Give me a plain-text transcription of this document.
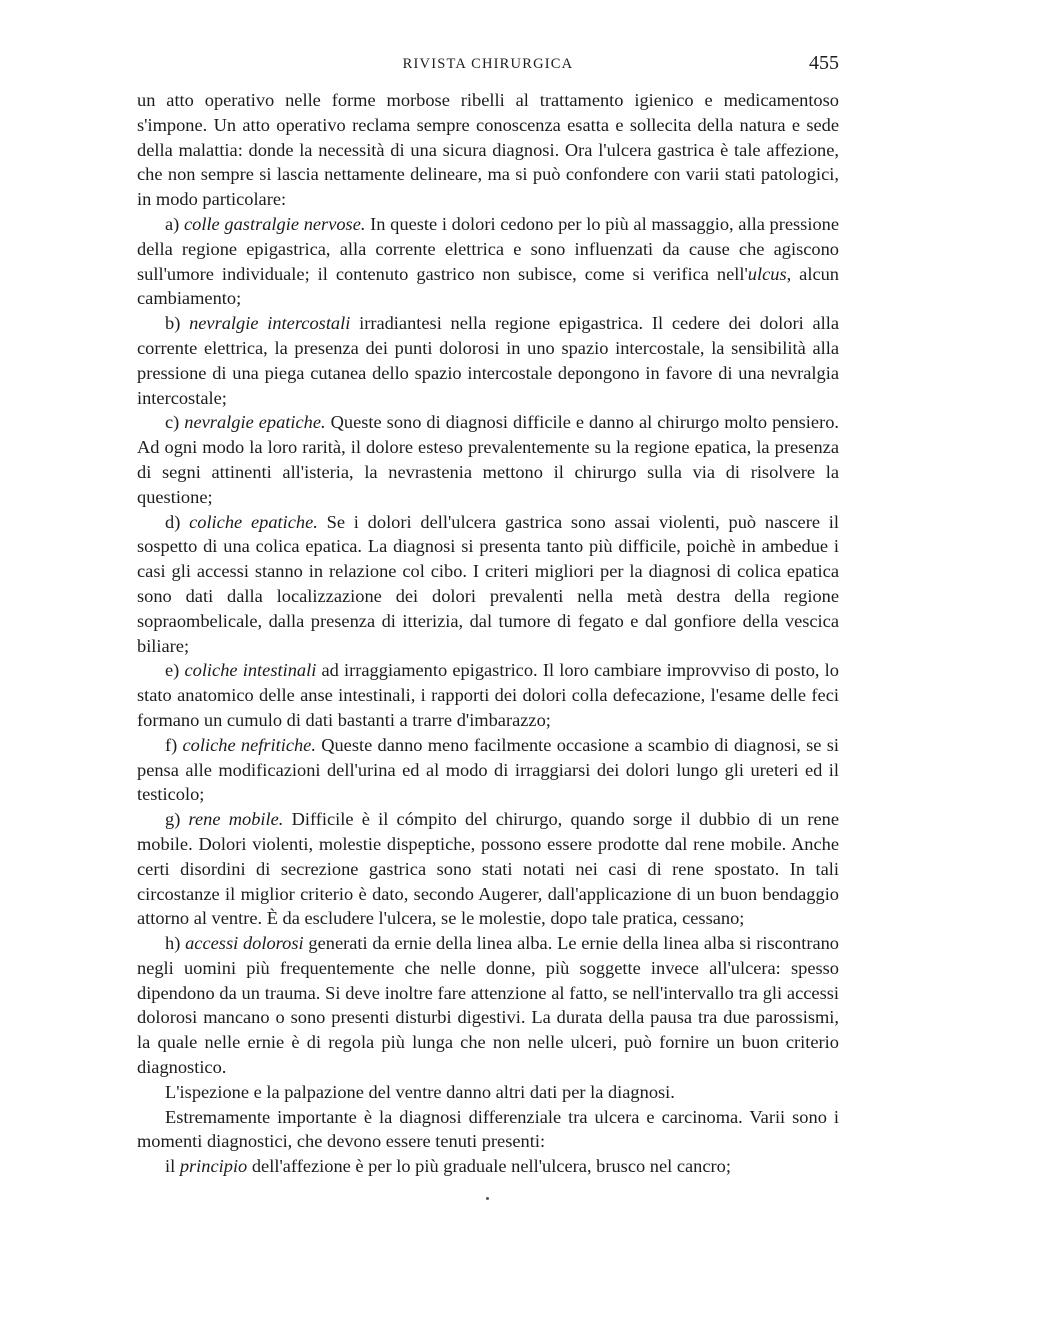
RIVISTA CHIRURGICA	455

un atto operativo nelle forme morbose ribelli al trattamento igienico e medicamentoso s'impone. Un atto operativo reclama sempre conoscenza esatta e sollecita della natura e sede della malattia: donde la necessità di una sicura diagnosi. Ora l'ulcera gastrica è tale affezione, che non sempre si lascia nettamente delineare, ma si può confondere con varii stati patologici, in modo particolare:

a) colle gastralgie nervose. In queste i dolori cedono per lo più al massaggio, alla pressione della regione epigastrica, alla corrente elettrica e sono influenzati da cause che agiscono sull'umore individuale; il contenuto gastrico non subisce, come si verifica nell'ulcus, alcun cambiamento;

b) nevralgie intercostali irradiantesi nella regione epigastrica. Il cedere dei dolori alla corrente elettrica, la presenza dei punti dolorosi in uno spazio intercostale, la sensibilità alla pressione di una piega cutanea dello spazio intercostale depongono in favore di una nevralgia intercostale;

c) nevralgie epatiche. Queste sono di diagnosi difficile e danno al chirurgo molto pensiero. Ad ogni modo la loro rarità, il dolore esteso prevalentemente su la regione epatica, la presenza di segni attinenti all'isteria, la nevrastenia mettono il chirurgo sulla via di risolvere la questione;

d) coliche epatiche. Se i dolori dell'ulcera gastrica sono assai violenti, può nascere il sospetto di una colica epatica. La diagnosi si presenta tanto più difficile, poichè in ambedue i casi gli accessi stanno in relazione col cibo. I criteri migliori per la diagnosi di colica epatica sono dati dalla localizzazione dei dolori prevalenti nella metà destra della regione sopraombelicale, dalla presenza di itterizia, dal tumore di fegato e dal gonfiore della vescica biliare;

e) coliche intestinali ad irraggiamento epigastrico. Il loro cambiare improvviso di posto, lo stato anatomico delle anse intestinali, i rapporti dei dolori colla defecazione, l'esame delle feci formano un cumulo di dati bastanti a trarre d'imbarazzo;

f) coliche nefritiche. Queste danno meno facilmente occasione a scambio di diagnosi, se si pensa alle modificazioni dell'urina ed al modo di irraggiarsi dei dolori lungo gli ureteri ed il testicolo;

g) rene mobile. Difficile è il cómpito del chirurgo, quando sorge il dubbio di un rene mobile. Dolori violenti, molestie dispeptiche, possono essere prodotte dal rene mobile. Anche certi disordini di secrezione gastrica sono stati notati nei casi di rene spostato. In tali circostanze il miglior criterio è dato, secondo Augerer, dall'applicazione di un buon bendaggio attorno al ventre. È da escludere l'ulcera, se le molestie, dopo tale pratica, cessano;

h) accessi dolorosi generati da ernie della linea alba. Le ernie della linea alba si riscontrano negli uomini più frequentemente che nelle donne, più soggette invece all'ulcera: spesso dipendono da un trauma. Si deve inoltre fare attenzione al fatto, se nell'intervallo tra gli accessi dolorosi mancano o sono presenti disturbi digestivi. La durata della pausa tra due parossismi, la quale nelle ernie è di regola più lunga che non nelle ulceri, può fornire un buon criterio diagnostico.

L'ispezione e la palpazione del ventre danno altri dati per la diagnosi.

Estremamente importante è la diagnosi differenziale tra ulcera e carcinoma. Varii sono i momenti diagnostici, che devono essere tenuti presenti:

il principio dell'affezione è per lo più graduale nell'ulcera, brusco nel cancro;
